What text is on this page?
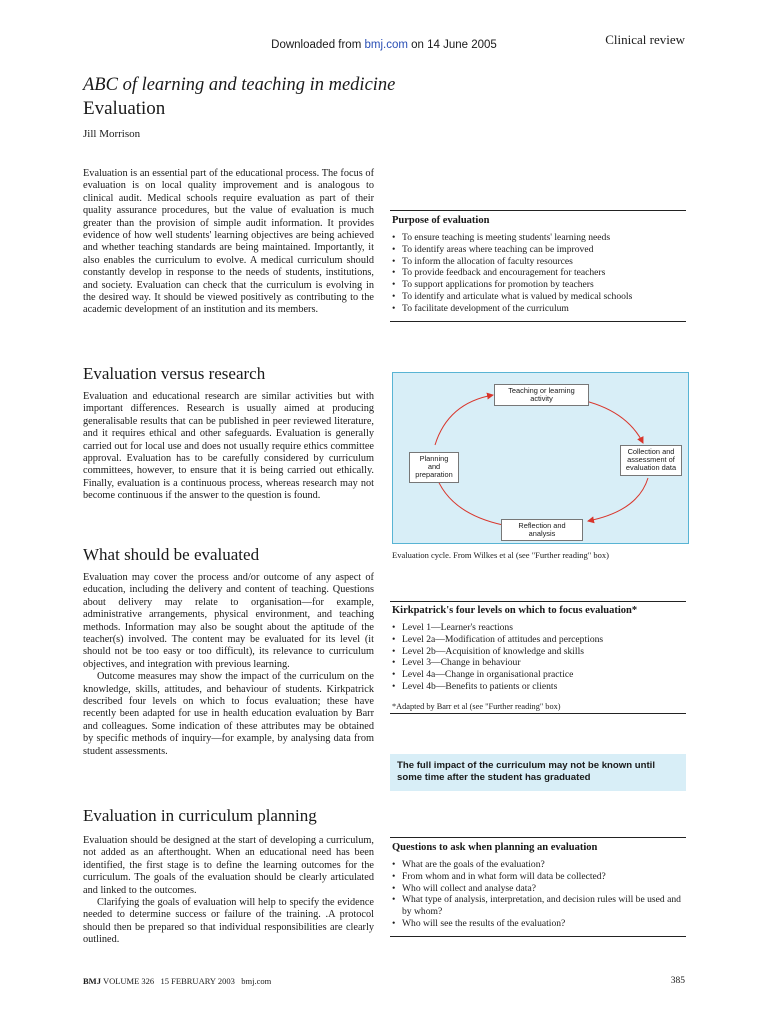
Downloaded from bmj.com on 14 June 2005	Clinical review
ABC of learning and teaching in medicine
Evaluation
Jill Morrison

Evaluation is an essential part of the educational process. The focus of evaluation is on local quality improvement and is analogous to clinical audit. Medical schools require evaluation as part of their quality assurance procedures, but the value of evaluation is much greater than the provision of simple audit information. It provides evidence of how well students' learning objectives are being achieved and whether teaching standards are being maintained. Importantly, it also enables the curriculum to evolve. A medical curriculum should constantly develop in response to the needs of students, institutions, and society. Evaluation can check that the curriculum is evolving in the desired way. It should be viewed positively as contributing to the academic development of an institution and its members.

Evaluation versus research

Evaluation and educational research are similar activities but with important differences. Research is usually aimed at producing generalisable results that can be published in peer reviewed literature, and it requires ethical and other safeguards. Evaluation is generally carried out for local use and does not usually require ethics committee approval. Evaluation has to be carefully considered by curriculum committees, however, to ensure that it is being carried out ethically. Finally, evaluation is a continuous process, whereas research may not become continuous if the answer to the question is found.

What should be evaluated

Evaluation may cover the process and/or outcome of any aspect of education, including the delivery and content of teaching. Questions about delivery may relate to organisation—for example, administrative arrangements, physical environment, and teaching methods. Information may also be sought about the aptitude of the teacher(s) involved. The content may be evaluated for its level (it should not be too easy or too difficult), its relevance to curriculum objectives, and integration with previous learning.

Outcome measures may show the impact of the curriculum on the knowledge, skills, attitudes, and behaviour of students. Kirkpatrick described four levels on which to focus evaluation; these have recently been adapted for use in health education evaluation by Barr and colleagues. Some indication of these attributes may be obtained by specific methods of inquiry—for example, by analysing data from student assessments.

Evaluation in curriculum planning

Evaluation should be designed at the start of developing a curriculum, not added as an afterthought. When an educational need has been identified, the first stage is to define the learning outcomes for the curriculum. The goals of the evaluation should be clearly articulated and linked to the outcomes.

Clarifying the goals of evaluation will help to specify the evidence needed to determine success or failure of the training. .A protocol should then be prepared so that individual responsibilities are clearly outlined.

Purpose of evaluation
• To ensure teaching is meeting students' learning needs
• To identify areas where teaching can be improved
• To inform the allocation of faculty resources
• To provide feedback and encouragement for teachers
• To support applications for promotion by teachers
• To identify and articulate what is valued by medical schools
• To facilitate development of the curriculum
Teaching or learning activity
Collection and assessment of evaluation data
Reflection and analysis
Planning and preparation
Evaluation cycle. From Wilkes et al (see "Further reading" box)
Kirkpatrick's four levels on which to focus evaluation*
• Level 1—Learner's reactions
• Level 2a—Modification of attitudes and perceptions
• Level 2b—Acquisition of knowledge and skills
• Level 3—Change in behaviour
• Level 4a—Change in organisational practice
• Level 4b—Benefits to patients or clients
*Adapted by Barr et al (see "Further reading" box)
The full impact of the curriculum may not be known until some time after the student has graduated
Questions to ask when planning an evaluation
• What are the goals of the evaluation?
• From whom and in what form will data be collected?
• Who will collect and analyse data?
• What type of analysis, interpretation, and decision rules will be used and by whom?
• Who will see the results of the evaluation?
BMJ VOLUME 326   15 FEBRUARY 2003   bmj.com	385
